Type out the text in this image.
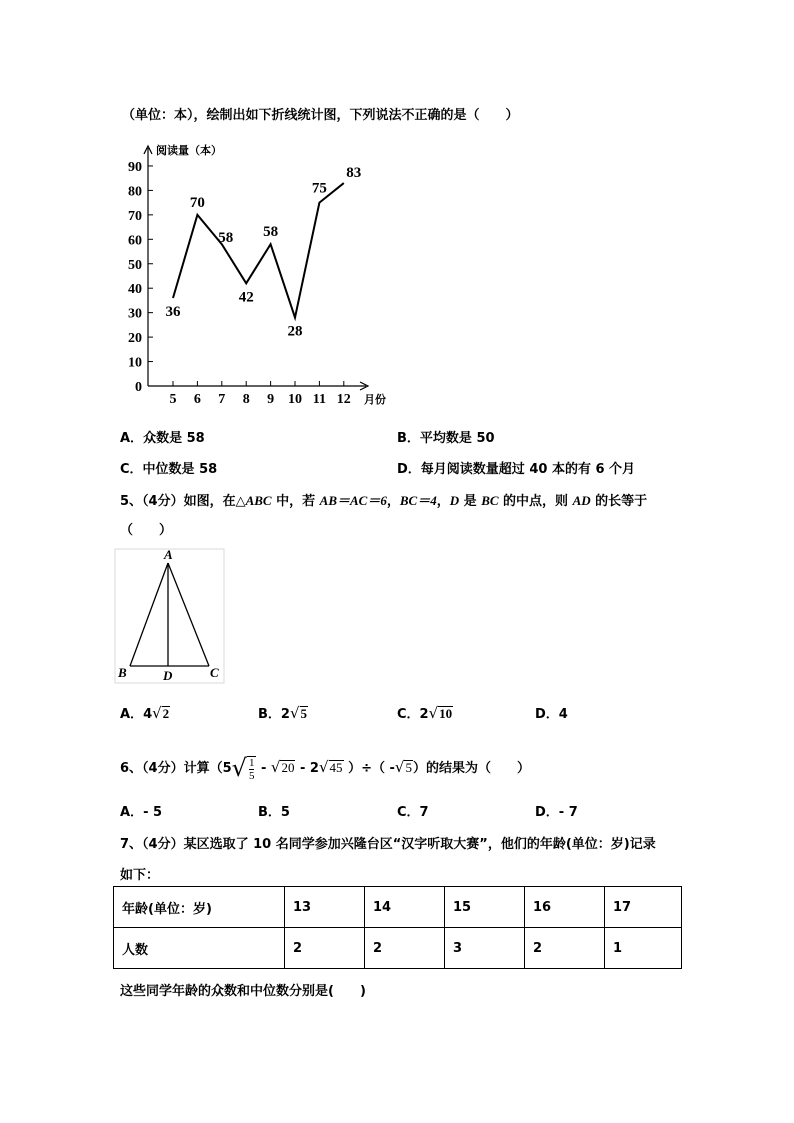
（单位：本），绘制出如下折线统计图，下列说法不正确的是（　　）
0
10
20
30
40
50
60
70
80
90
5 6 7 8 9 10 11 12
阅读量（本）
月份
36
70
58
42
58
28
75
83
A．众数是 58	B．平均数是 50
C．中位数是 58	D．每月阅读数量超过 40 本的有 6 个月
5、（4分）如图，在△ABC 中，若 AB＝AC＝6，BC＝4，D 是 BC 的中点，则 AD 的长等于
（　　）
A
B	C
D
A．4√2	B．2√5	C．2√10	D．4
6、（4分）计算（$5√ \frac{1}{5} - √20 - 2√45$ ）÷（ -√5）的结果为（　　）
A．- 5	B．5	C．7	D．- 7
7、（4分）某区选取了 10 名同学参加兴隆台区“汉字听取大赛”，他们的年龄(单位：岁)记录
如下：
年龄(单位：岁)	13	14	15	16	17
人数	2	2	3	2	1
这些同学年龄的众数和中位数分别是(　　)
